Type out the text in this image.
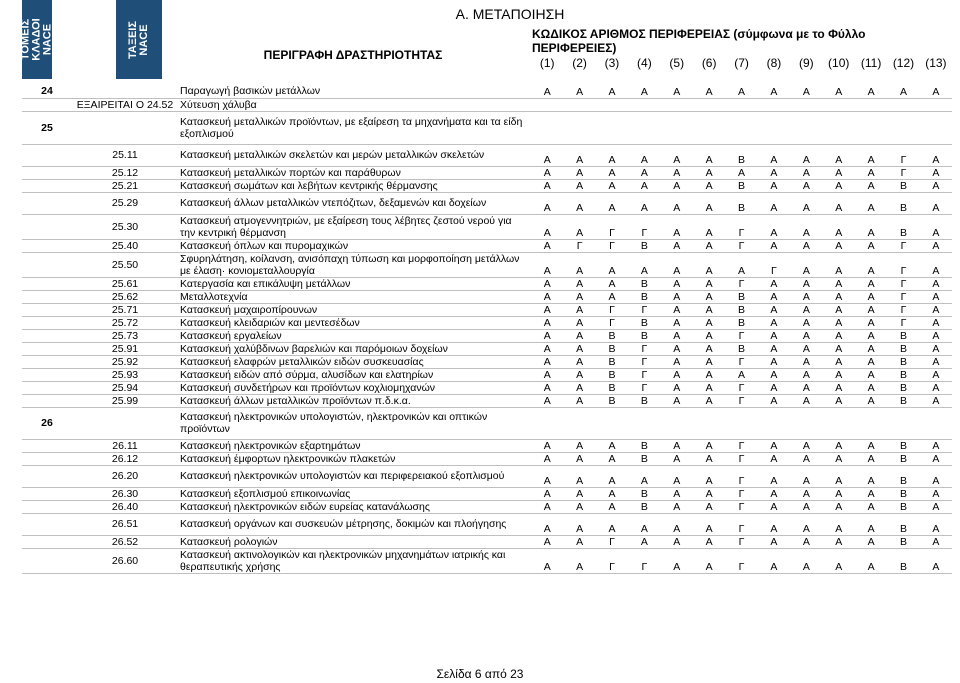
Α. ΜΕΤΑΠΟΙΗΣΗ
ΤΟΜΕΙΣ ΚΛΑΔΟΙ NACE	ΤΑΞΕΙΣ NACE	ΠΕΡΙΓΡΑΦΗ ΔΡΑΣΤΗΡΙΟΤΗΤΑΣ
ΚΩΔΙΚΟΣ ΑΡΙΘΜΟΣ ΠΕΡΙΦΕΡΕΙΑΣ (σύμφωνα με το Φύλλο ΠΕΡΙΦΕΡΕΙΕΣ)
(1)	(2)	(3)	(4)	(5)	(6)	(7)	(8)	(9)	(10) (11) (12) (13)
24		Παραγωγή βασικών μετάλλων	Α	Α	Α	Α	Α	Α	Α	Α	Α	Α	Α	Α	Α
	ΕΞΑΙΡΕΙΤΑΙ Ο 24.52	Χύτευση χάλυβα													
25		Κατασκευή μεταλλικών προϊόντων, με εξαίρεση τα μηχανήματα και τα είδη εξοπλισμού													
	25.11	Κατασκευή μεταλλικών σκελετών και μερών μεταλλικών σκελετών	Α	Α	Α	Α	Α	Α	Β	Α	Α	Α	Α	Γ	Α
	25.12	Κατασκευή μεταλλικών πορτών και παράθυρων	Α	Α	Α	Α	Α	Α	Α	Α	Α	Α	Α	Γ	Α
	25.21	Κατασκευή σωμάτων και λεβήτων κεντρικής θέρμανσης	Α	Α	Α	Α	Α	Α	Β	Α	Α	Α	Α	Β	Α
	25.29	Κατασκευή άλλων μεταλλικών ντεπόζιτων, δεξαμενών και δοχείων	Α	Α	Α	Α	Α	Α	Β	Α	Α	Α	Α	Β	Α
	25.30	Κατασκευή ατμογεννητριών, με εξαίρεση τους λέβητες ζεστού νερού για την κεντρική θέρμανση	Α	Α	Γ	Γ	Α	Α	Γ	Α	Α	Α	Α	Β	Α
	25.40	Κατασκευή όπλων και πυρομαχικών	Α	Γ	Γ	Β	Α	Α	Γ	Α	Α	Α	Α	Γ	Α
	25.50	Σφυρηλάτηση, κοίλανση, ανισόπαχη τύπωση και μορφοποίηση μετάλλων με έλαση· κονιομεταλλουργία	Α	Α	Α	Α	Α	Α	Α	Γ	Α	Α	Α	Γ	Α
	25.61	Κατεργασία και επικάλυψη μετάλλων	Α	Α	Α	Β	Α	Α	Γ	Α	Α	Α	Α	Γ	Α
	25.62	Μεταλλοτεχνία	Α	Α	Α	Β	Α	Α	Β	Α	Α	Α	Α	Γ	Α
	25.71	Κατασκευή μαχαιροπίρουνων	Α	Α	Γ	Γ	Α	Α	Β	Α	Α	Α	Α	Γ	Α
	25.72	Κατασκευή κλειδαριών και μεντεσέδων	Α	Α	Γ	Β	Α	Α	Β	Α	Α	Α	Α	Γ	Α
	25.73	Κατασκευή εργαλείων	Α	Α	Β	Β	Α	Α	Γ	Α	Α	Α	Α	Β	Α
	25.91	Κατασκευή χαλύβδινων βαρελιών και παρόμοιων δοχείων	Α	Α	Β	Γ	Α	Α	Β	Α	Α	Α	Α	Β	Α
	25.92	Κατασκευή ελαφρών μεταλλικών ειδών συσκευασίας	Α	Α	Β	Γ	Α	Α	Γ	Α	Α	Α	Α	Β	Α
	25.93	Κατασκευή ειδών από σύρμα, αλυσίδων και ελατηρίων	Α	Α	Β	Γ	Α	Α	Α	Α	Α	Α	Α	Β	Α
	25.94	Κατασκευή συνδετήρων και προϊόντων κοχλιομηχανών	Α	Α	Β	Γ	Α	Α	Γ	Α	Α	Α	Α	Β	Α
	25.99	Κατασκευή άλλων μεταλλικών προϊόντων π.δ.κ.α.	Α	Α	Β	Β	Α	Α	Γ	Α	Α	Α	Α	Β	Α
26		Κατασκευή ηλεκτρονικών υπολογιστών, ηλεκτρονικών και οπτικών προϊόντων													
	26.11	Κατασκευή ηλεκτρονικών εξαρτημάτων	Α	Α	Α	Β	Α	Α	Γ	Α	Α	Α	Α	Β	Α
	26.12	Κατασκευή έμφορτων ηλεκτρονικών πλακετών	Α	Α	Α	Β	Α	Α	Γ	Α	Α	Α	Α	Β	Α
	26.20	Κατασκευή ηλεκτρονικών υπολογιστών και περιφερειακού εξοπλισμού	Α	Α	Α	Α	Α	Α	Γ	Α	Α	Α	Α	Β	Α
	26.30	Κατασκευή εξοπλισμού επικοινωνίας	Α	Α	Α	Β	Α	Α	Γ	Α	Α	Α	Α	Β	Α
	26.40	Κατασκευή ηλεκτρονικών ειδών ευρείας κατανάλωσης	Α	Α	Α	Β	Α	Α	Γ	Α	Α	Α	Α	Β	Α
	26.51	Κατασκευή οργάνων και συσκευών μέτρησης, δοκιμών και πλοήγησης	Α	Α	Α	Α	Α	Α	Γ	Α	Α	Α	Α	Β	Α
	26.52	Κατασκευή ρολογιών	Α	Α	Γ	Α	Α	Α	Γ	Α	Α	Α	Α	Β	Α
	26.60	Κατασκευή ακτινολογικών και ηλεκτρονικών μηχανημάτων ιατρικής και θεραπευτικής χρήσης	Α	Α	Γ	Γ	Α	Α	Γ	Α	Α	Α	Α	Β	Α
Σελίδα 6 από 23
